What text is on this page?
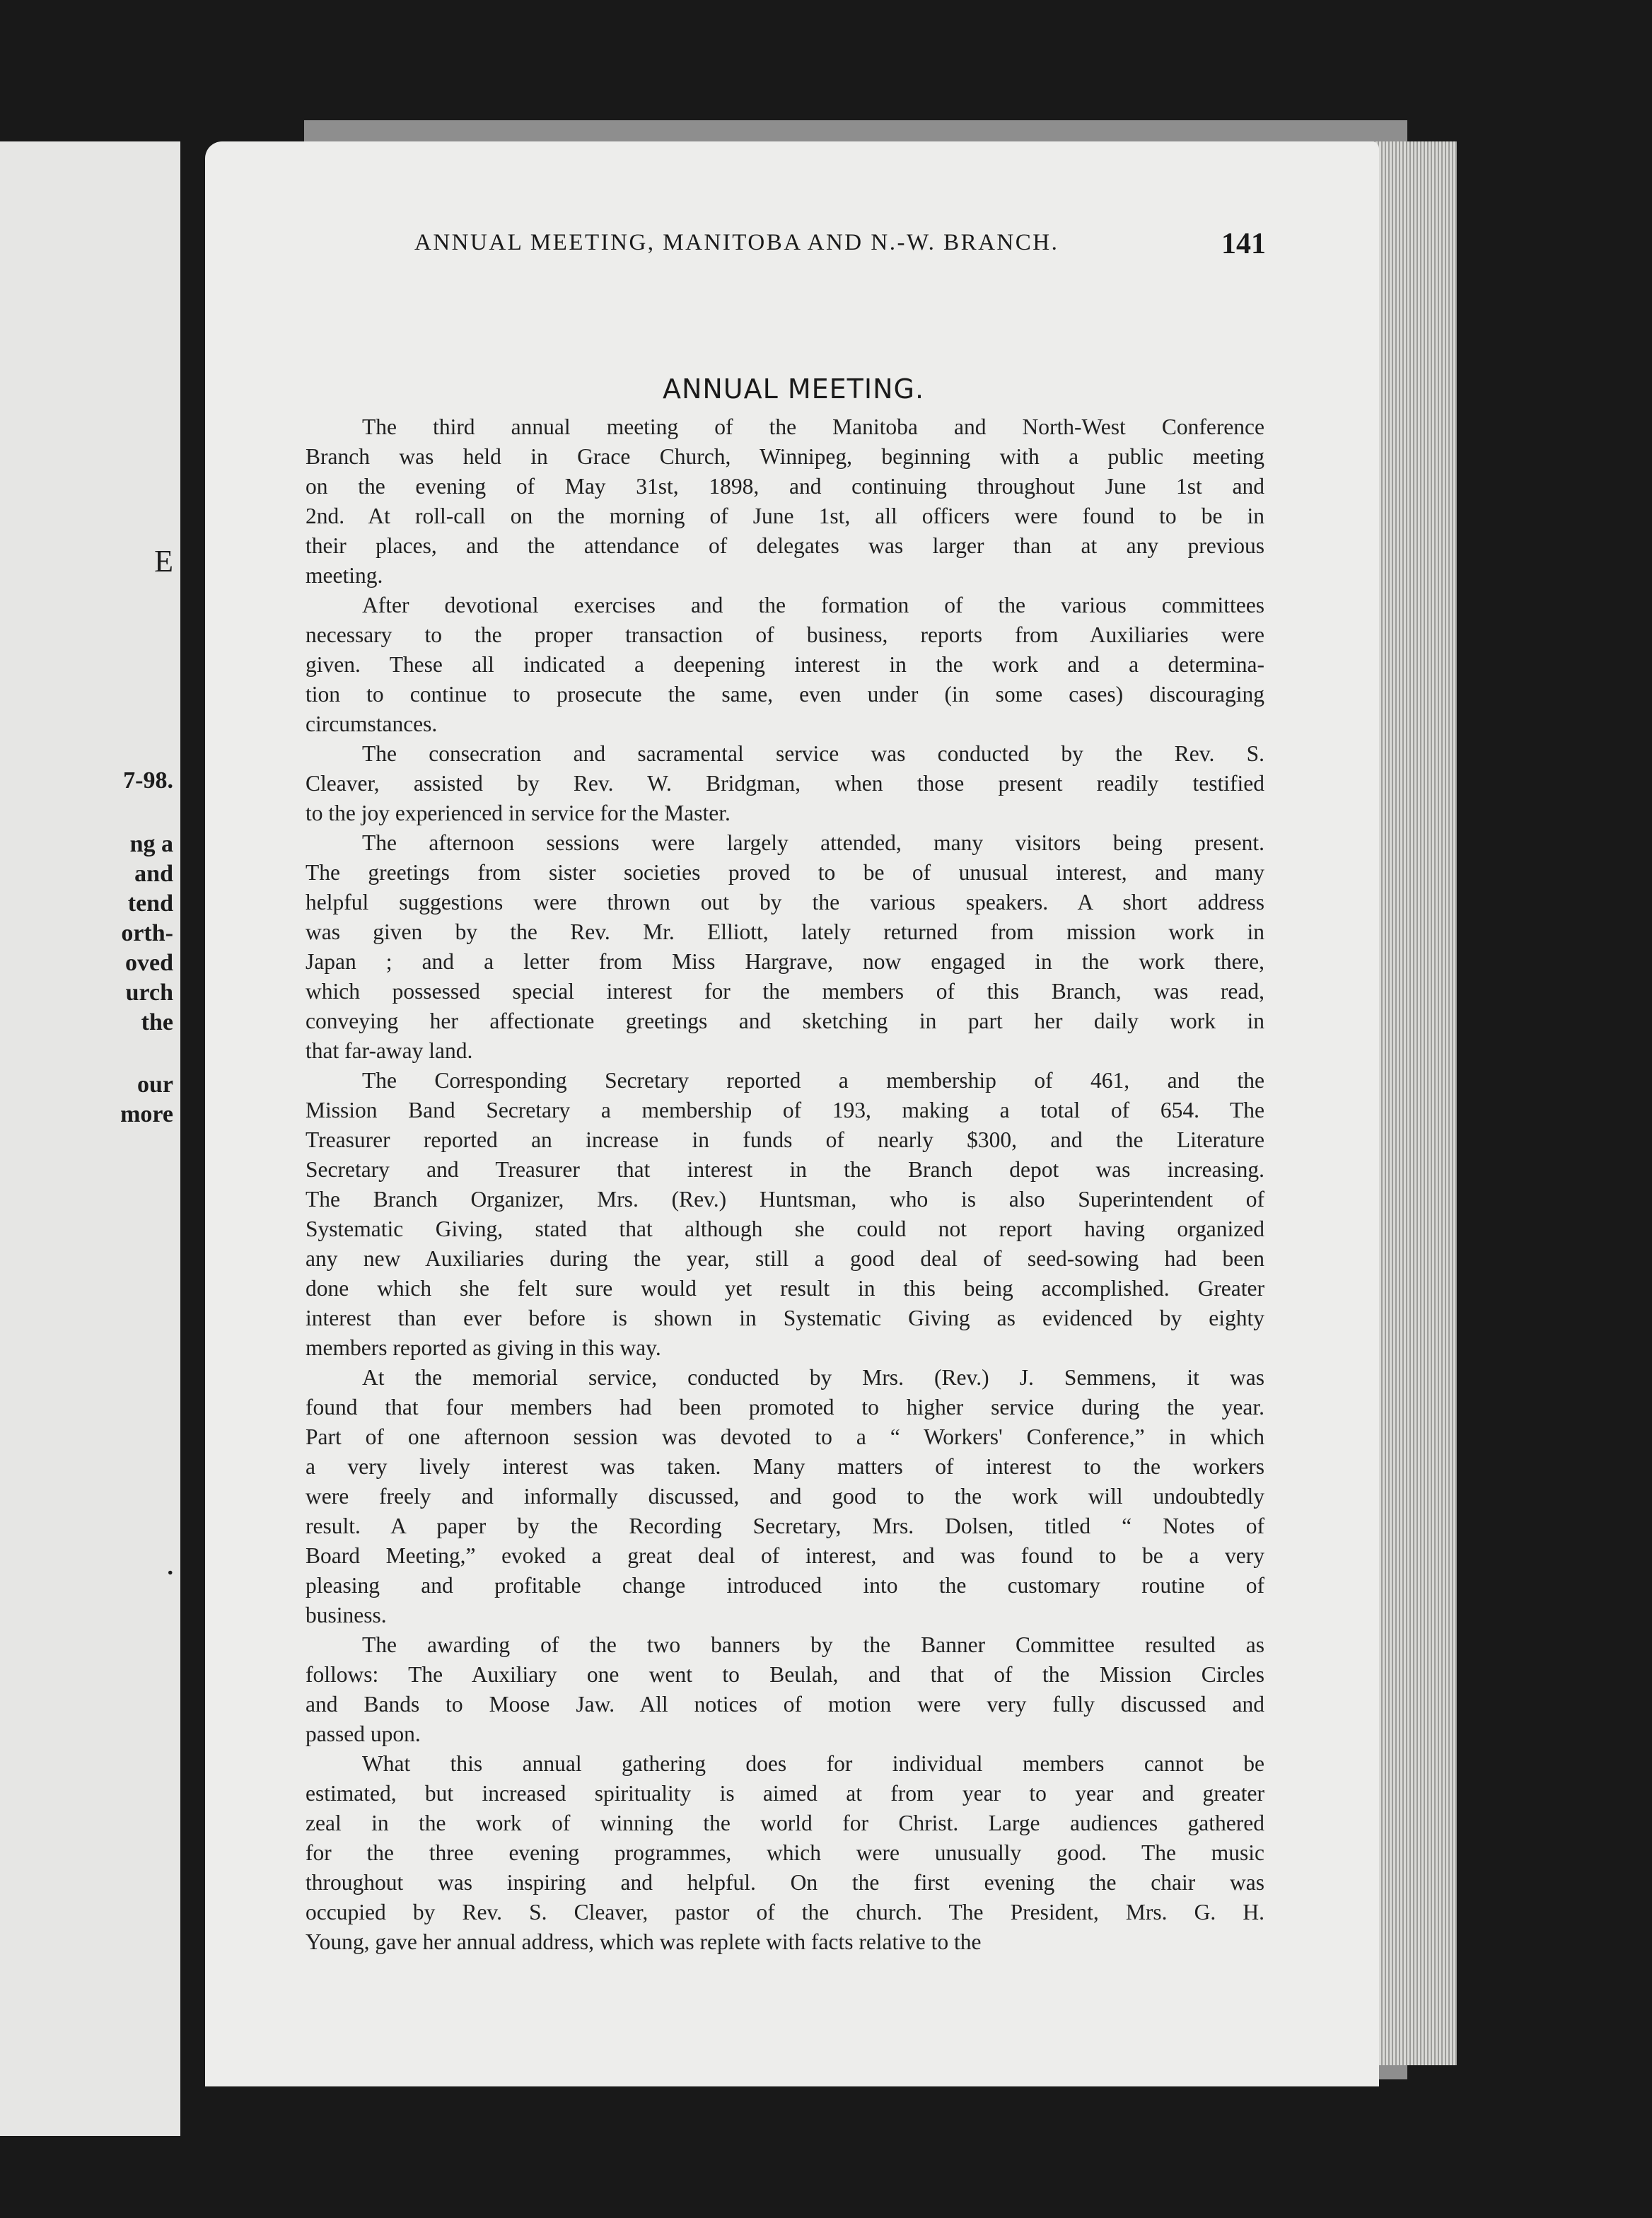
E
7-98.
ng a
and
tend
orth-
oved
urch
the
our
more
.
ANNUAL MEETING, MANITOBA AND N.-W. BRANCH.	141
ANNUAL MEETING.
The third annual meeting of the Manitoba and North-West Conference
Branch was held in Grace Church, Winnipeg, beginning with a public meeting
on the evening of May 31st, 1898, and continuing throughout June 1st and
2nd. At roll-call on the morning of June 1st, all officers were found to be in
their places, and the attendance of delegates was larger than at any previous
meeting.
After devotional exercises and the formation of the various committees
necessary to the proper transaction of business, reports from Auxiliaries were
given. These all indicated a deepening interest in the work and a determina-
tion to continue to prosecute the same, even under (in some cases) discouraging
circumstances.
The consecration and sacramental service was conducted by the Rev. S.
Cleaver, assisted by Rev. W. Bridgman, when those present readily testified
to the joy experienced in service for the Master.
The afternoon sessions were largely attended, many visitors being present.
The greetings from sister societies proved to be of unusual interest, and many
helpful suggestions were thrown out by the various speakers. A short address
was given by the Rev. Mr. Elliott, lately returned from mission work in
Japan ; and a letter from Miss Hargrave, now engaged in the work there,
which possessed special interest for the members of this Branch, was read,
conveying her affectionate greetings and sketching in part her daily work in
that far-away land.
The Corresponding Secretary reported a membership of 461, and the
Mission Band Secretary a membership of 193, making a total of 654. The
Treasurer reported an increase in funds of nearly $300, and the Literature
Secretary and Treasurer that interest in the Branch depot was increasing.
The Branch Organizer, Mrs. (Rev.) Huntsman, who is also Superintendent of
Systematic Giving, stated that although she could not report having organized
any new Auxiliaries during the year, still a good deal of seed-sowing had been
done which she felt sure would yet result in this being accomplished. Greater
interest than ever before is shown in Systematic Giving as evidenced by eighty
members reported as giving in this way.
At the memorial service, conducted by Mrs. (Rev.) J. Semmens, it was
found that four members had been promoted to higher service during the year.
Part of one afternoon session was devoted to a “ Workers' Conference,” in which
a very lively interest was taken. Many matters of interest to the workers
were freely and informally discussed, and good to the work will undoubtedly
result. A paper by the Recording Secretary, Mrs. Dolsen, titled “ Notes of
Board Meeting,” evoked a great deal of interest, and was found to be a very
pleasing and profitable change introduced into the customary routine of
business.
The awarding of the two banners by the Banner Committee resulted as
follows: The Auxiliary one went to Beulah, and that of the Mission Circles
and Bands to Moose Jaw. All notices of motion were very fully discussed and
passed upon.
What this annual gathering does for individual members cannot be
estimated, but increased spirituality is aimed at from year to year and greater
zeal in the work of winning the world for Christ. Large audiences gathered
for the three evening programmes, which were unusually good. The music
throughout was inspiring and helpful. On the first evening the chair was
occupied by Rev. S. Cleaver, pastor of the church. The President, Mrs. G. H.
Young, gave her annual address, which was replete with facts relative to the
